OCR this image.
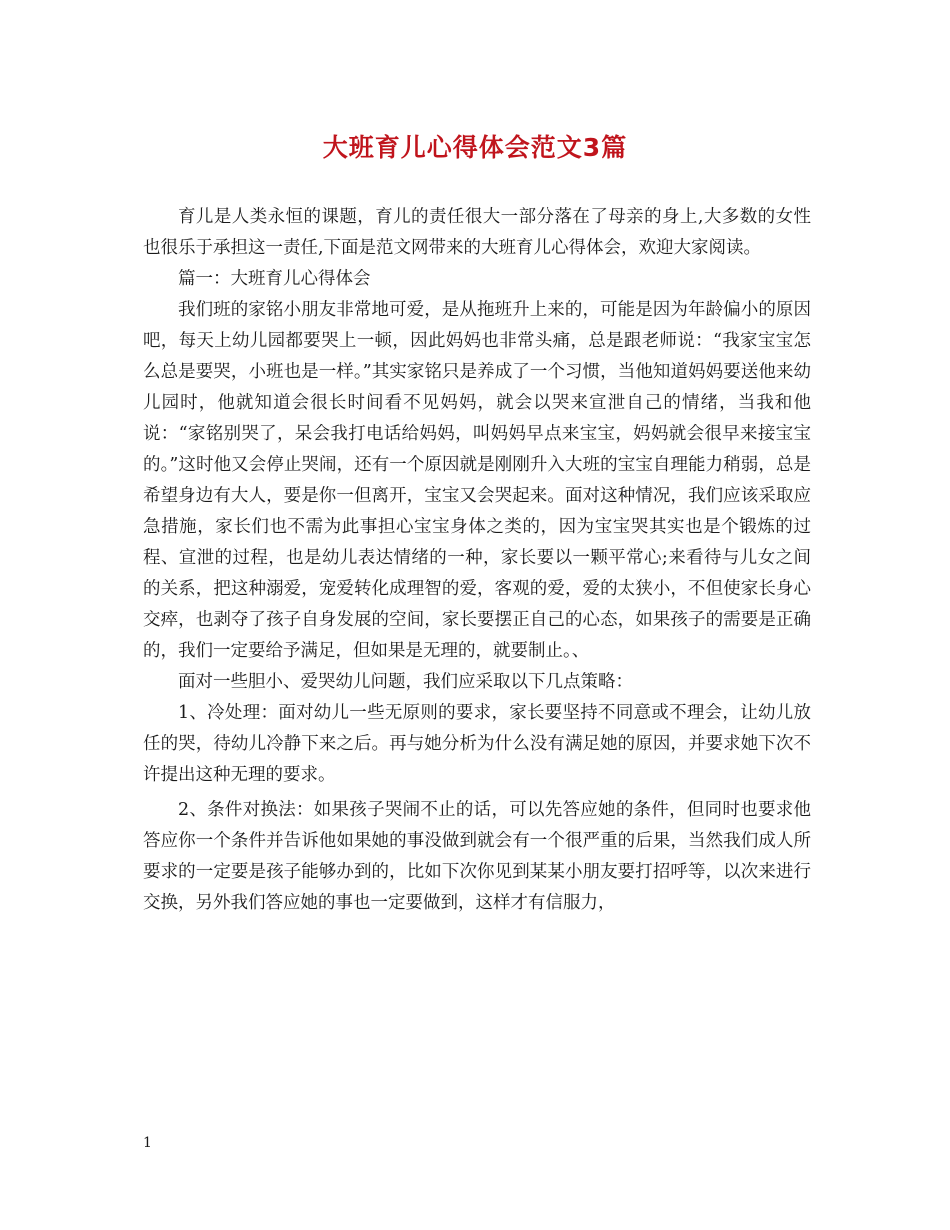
大班育儿心得体会范文3篇

育儿是人类永恒的课题，育儿的责任很大一部分落在了母亲的身上,大多数的女性也很乐于承担这一责任,下面是范文网带来的大班育儿心得体会，欢迎大家阅读。

篇一：大班育儿心得体会

我们班的家铭小朋友非常地可爱，是从拖班升上来的，可能是因为年龄偏小的原因吧，每天上幼儿园都要哭上一顿，因此妈妈也非常头痛，总是跟老师说：“我家宝宝怎么总是要哭，小班也是一样。”其实家铭只是养成了一个习惯，当他知道妈妈要送他来幼儿园时，他就知道会很长时间看不见妈妈，就会以哭来宣泄自己的情绪，当我和他说：“家铭别哭了，呆会我打电话给妈妈，叫妈妈早点来宝宝，妈妈就会很早来接宝宝的。”这时他又会停止哭闹，还有一个原因就是刚刚升入大班的宝宝自理能力稍弱，总是希望身边有大人，要是你一但离开，宝宝又会哭起来。面对这种情况，我们应该采取应急措施，家长们也不需为此事担心宝宝身体之类的，因为宝宝哭其实也是个锻炼的过程、宣泄的过程，也是幼儿表达情绪的一种，家长要以一颗平常心;来看待与儿女之间的关系，把这种溺爱，宠爱转化成理智的爱，客观的爱，爱的太狭小，不但使家长身心交瘁，也剥夺了孩子自身发展的空间，家长要摆正自己的心态，如果孩子的需要是正确的，我们一定要给予满足，但如果是无理的，就要制止。、

面对一些胆小、爱哭幼儿问题，我们应采取以下几点策略：

1、冷处理：面对幼儿一些无原则的要求，家长要坚持不同意或不理会，让幼儿放任的哭，待幼儿冷静下来之后。再与她分析为什么没有满足她的原因，并要求她下次不许提出这种无理的要求。

2、条件对换法：如果孩子哭闹不止的话，可以先答应她的条件，但同时也要求他答应你一个条件并告诉他如果她的事没做到就会有一个很严重的后果，当然我们成人所要求的一定要是孩子能够办到的，比如下次你见到某某小朋友要打招呼等，以次来进行交换，另外我们答应她的事也一定要做到，这样才有信服力，

1
